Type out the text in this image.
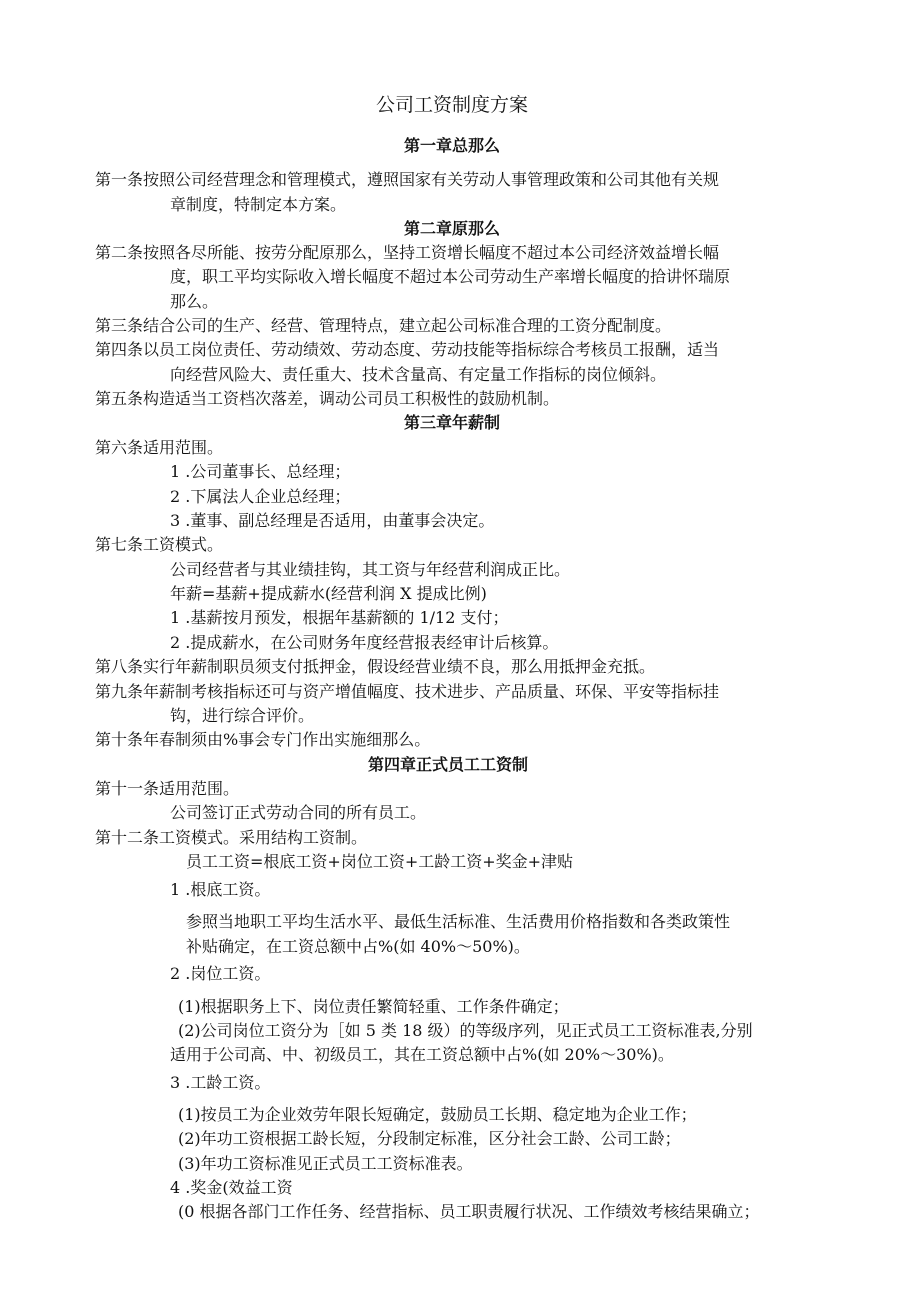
公司工资制度方案
第一章总那么
第一条按照公司经营理念和管理模式，遵照国家有关劳动人事管理政策和公司其他有关规
章制度，特制定本方案。
第二章原那么
第二条按照各尽所能、按劳分配原那么，坚持工资增长幅度不超过本公司经济效益增长幅
度，职工平均实际收入增长幅度不超过本公司劳动生产率增长幅度的拾讲怀瑞原
那么。
第三条结合公司的生产、经营、管理特点，建立起公司标准合理的工资分配制度。
第四条以员工岗位责任、劳动绩效、劳动态度、劳动技能等指标综合考核员工报酬，适当
向经营风险大、责任重大、技术含量高、有定量工作指标的岗位倾斜。
第五条构造适当工资档次落差，调动公司员工积极性的鼓励机制。
第三章年薪制
第六条适用范围。
1 .公司董事长、总经理；
2 .下属法人企业总经理；
3 .董事、副总经理是否适用，由董事会决定。
第七条工资模式。
公司经营者与其业绩挂钩，其工资与年经营利润成正比。
年薪=基薪+提成薪水(经营利润 X 提成比例)
1 .基薪按月预发，根据年基薪额的 1/12 支付；
2 .提成薪水，在公司财务年度经营报表经审计后核算。
第八条实行年薪制职员须支付抵押金，假设经营业绩不良，那么用抵押金充抵。
第九条年薪制考核指标还可与资产增值幅度、技术进步、产品质量、环保、平安等指标挂
钩，进行综合评价。
第十条年春制须由%事会专门作出实施细那么。
第四章正式员工工资制
第十一条适用范围。
公司签订正式劳动合同的所有员工。
第十二条工资模式。采用结构工资制。
员工工资=根底工资+岗位工资+工龄工资+奖金+津贴
1 .根底工资。
参照当地职工平均生活水平、最低生活标准、生活费用价格指数和各类政策性
补贴确定，在工资总额中占%(如 40%～50%)。
2 .岗位工资。
(1)根据职务上下、岗位责任繁简轻重、工作条件确定；
(2)公司岗位工资分为［如 5 类 18 级）的等级序列，见正式员工工资标准表,分别
适用于公司高、中、初级员工，其在工资总额中占%(如 20%～30%)。
3 .工龄工资。
(1)按员工为企业效劳年限长短确定，鼓励员工长期、稳定地为企业工作；
(2)年功工资根据工龄长短，分段制定标准，区分社会工龄、公司工龄；
(3)年功工资标准见正式员工工资标准表。
4 .奖金(效益工资
(0 根据各部门工作任务、经营指标、员工职责履行状况、工作绩效考核结果确立；
